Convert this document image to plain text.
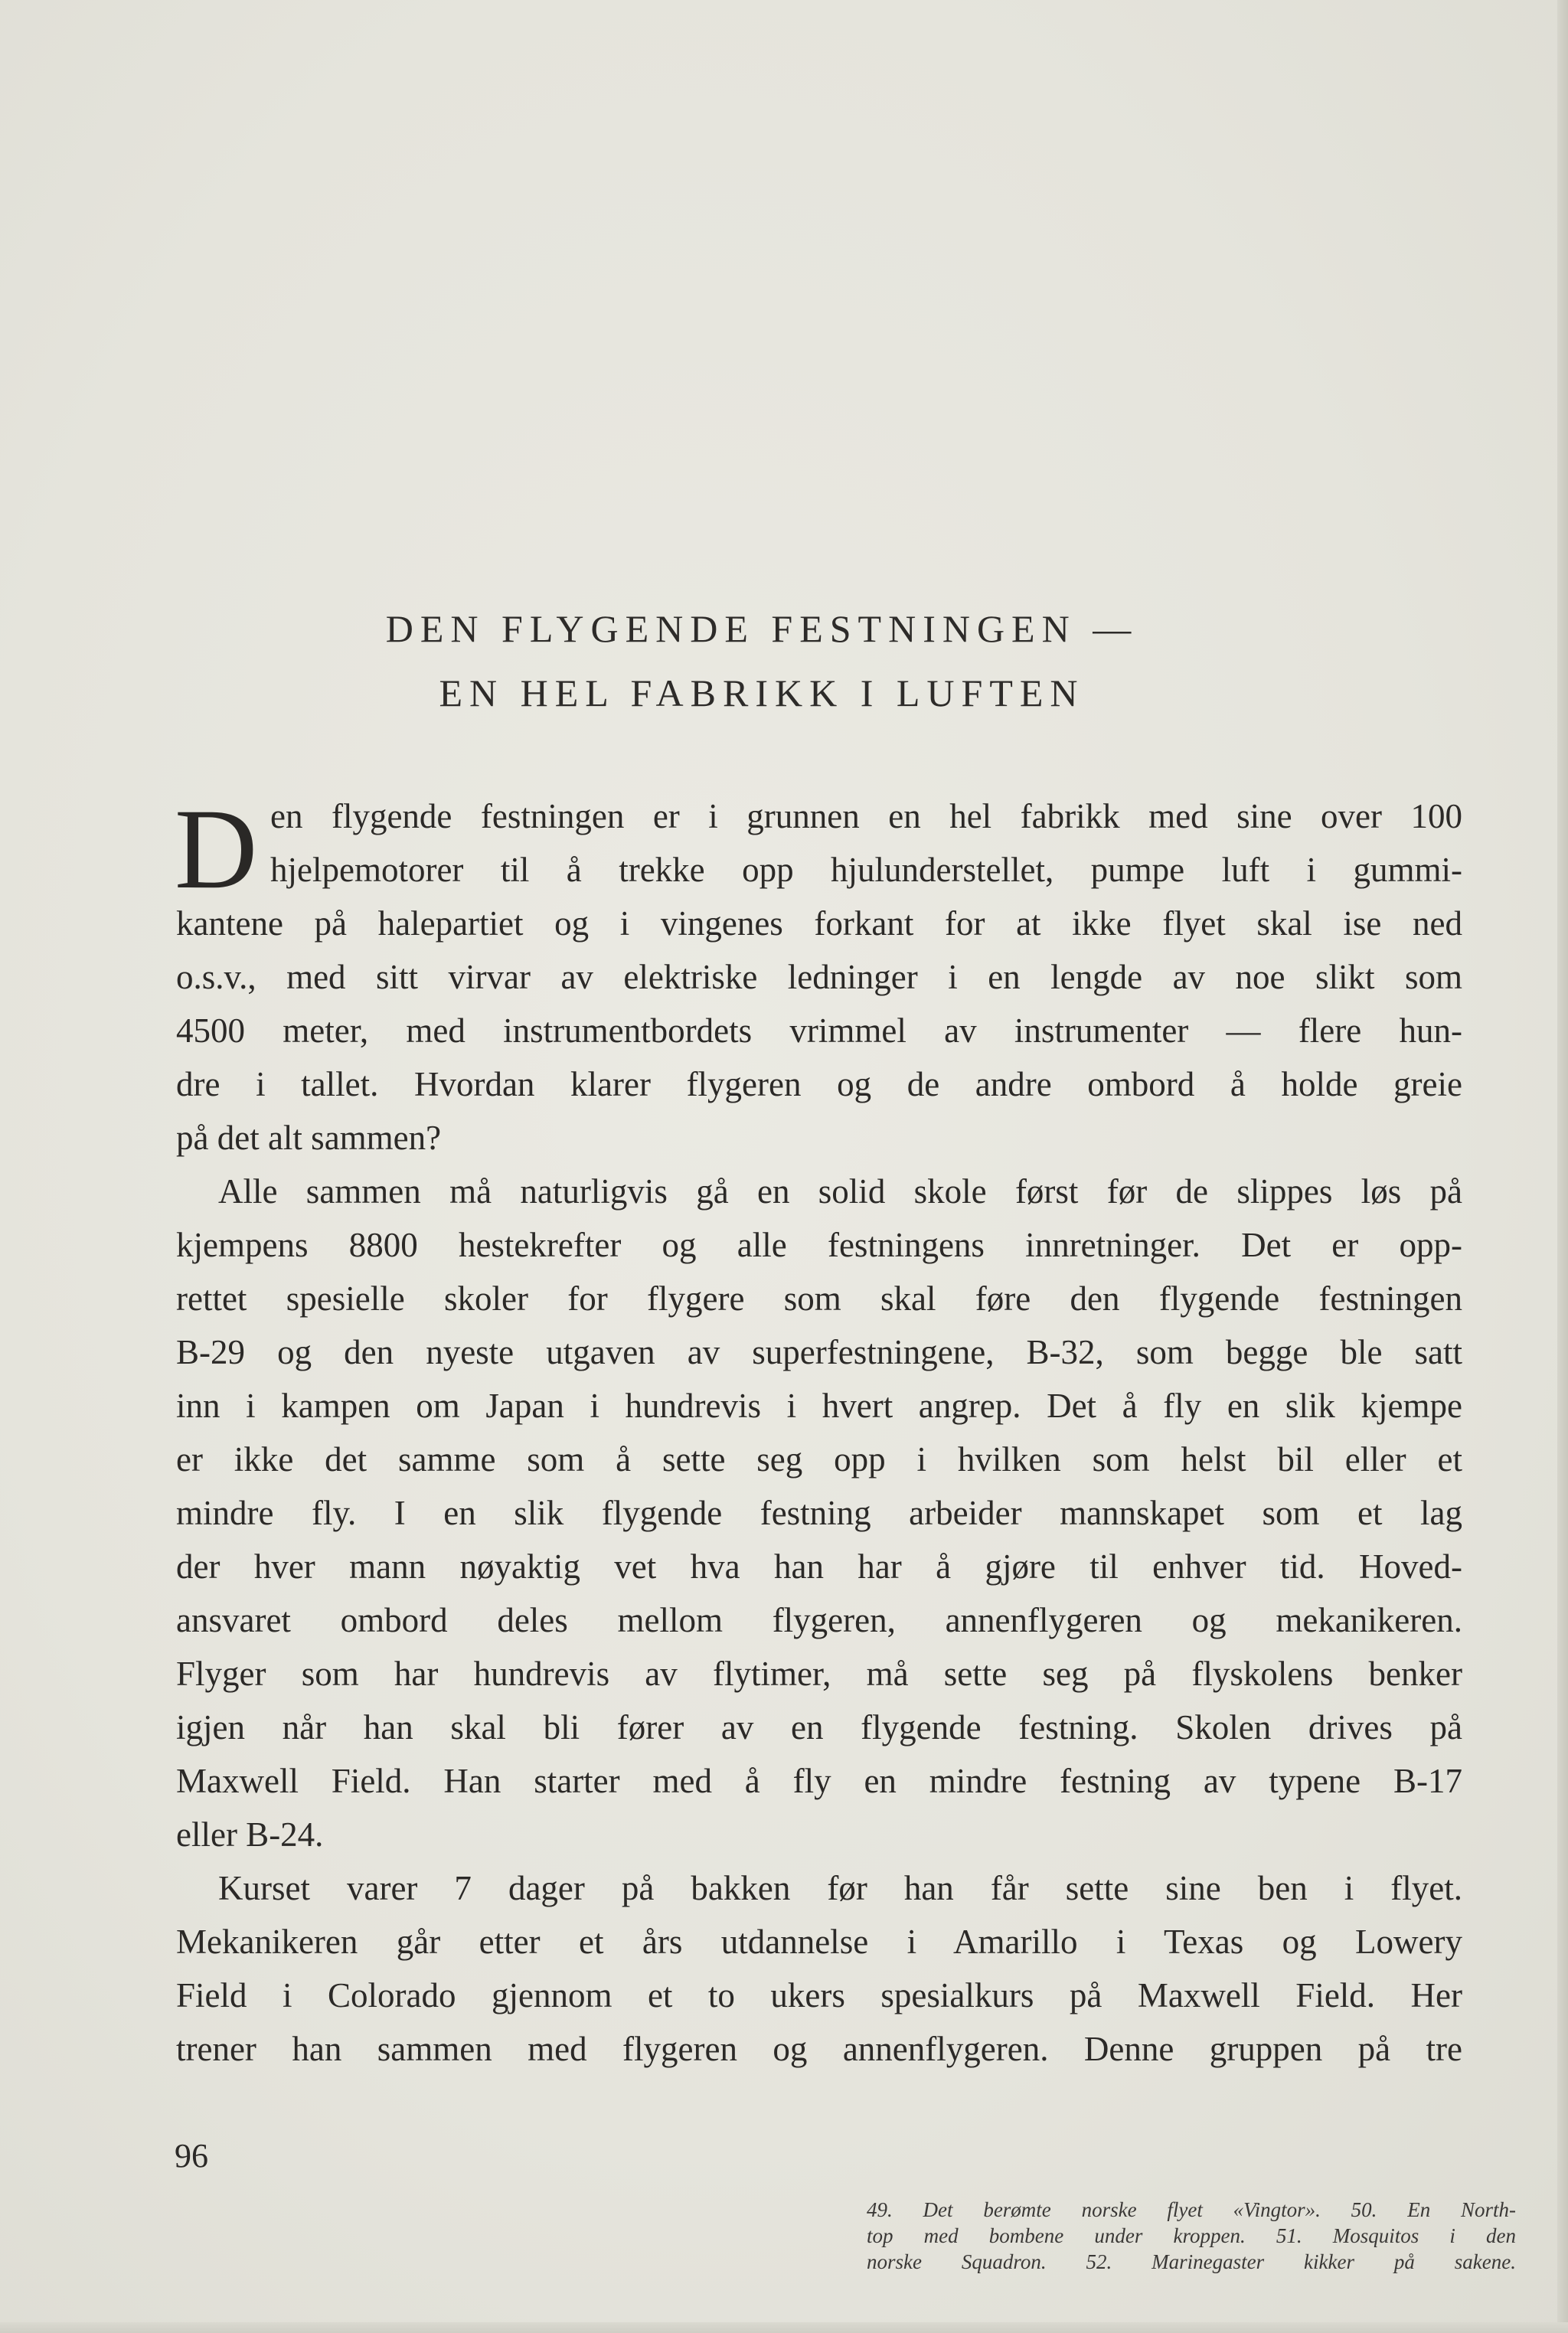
DEN FLYGENDE FESTNINGEN —
EN HEL FABRIKK I LUFTEN
D en flygende festningen er i grunnen en hel fabrikk med sine over 100
hjelpemotorer til å trekke opp hjulunderstellet, pumpe luft i gummi-
kantene på halepartiet og i vingenes forkant for at ikke flyet skal ise ned
o.s.v., med sitt virvar av elektriske ledninger i en lengde av noe slikt som
4500 meter, med instrumentbordets vrimmel av instrumenter — flere hun-
dre i tallet. Hvordan klarer flygeren og de andre ombord å holde greie
på det alt sammen?
Alle sammen må naturligvis gå en solid skole først før de slippes løs på
kjempens 8800 hestekrefter og alle festningens innretninger. Det er opp-
rettet spesielle skoler for flygere som skal føre den flygende festningen
B-29 og den nyeste utgaven av superfestningene, B-32, som begge ble satt
inn i kampen om Japan i hundrevis i hvert angrep. Det å fly en slik kjempe
er ikke det samme som å sette seg opp i hvilken som helst bil eller et
mindre fly. I en slik flygende festning arbeider mannskapet som et lag
der hver mann nøyaktig vet hva han har å gjøre til enhver tid. Hoved-
ansvaret ombord deles mellom flygeren, annenflygeren og mekanikeren.
Flyger som har hundrevis av flytimer, må sette seg på flyskolens benker
igjen når han skal bli fører av en flygende festning. Skolen drives på
Maxwell Field. Han starter med å fly en mindre festning av typene B-17
eller B-24.
Kurset varer 7 dager på bakken før han får sette sine ben i flyet.
Mekanikeren går etter et års utdannelse i Amarillo i Texas og Lowery
Field i Colorado gjennom et to ukers spesialkurs på Maxwell Field. Her
trener han sammen med flygeren og annenflygeren. Denne gruppen på tre
96
49. Det berømte norske flyet «Vingtor». 50. En North-
top med bombene under kroppen. 51. Mosquitos i den
norske Squadron. 52. Marinegaster kikker på sakene.
